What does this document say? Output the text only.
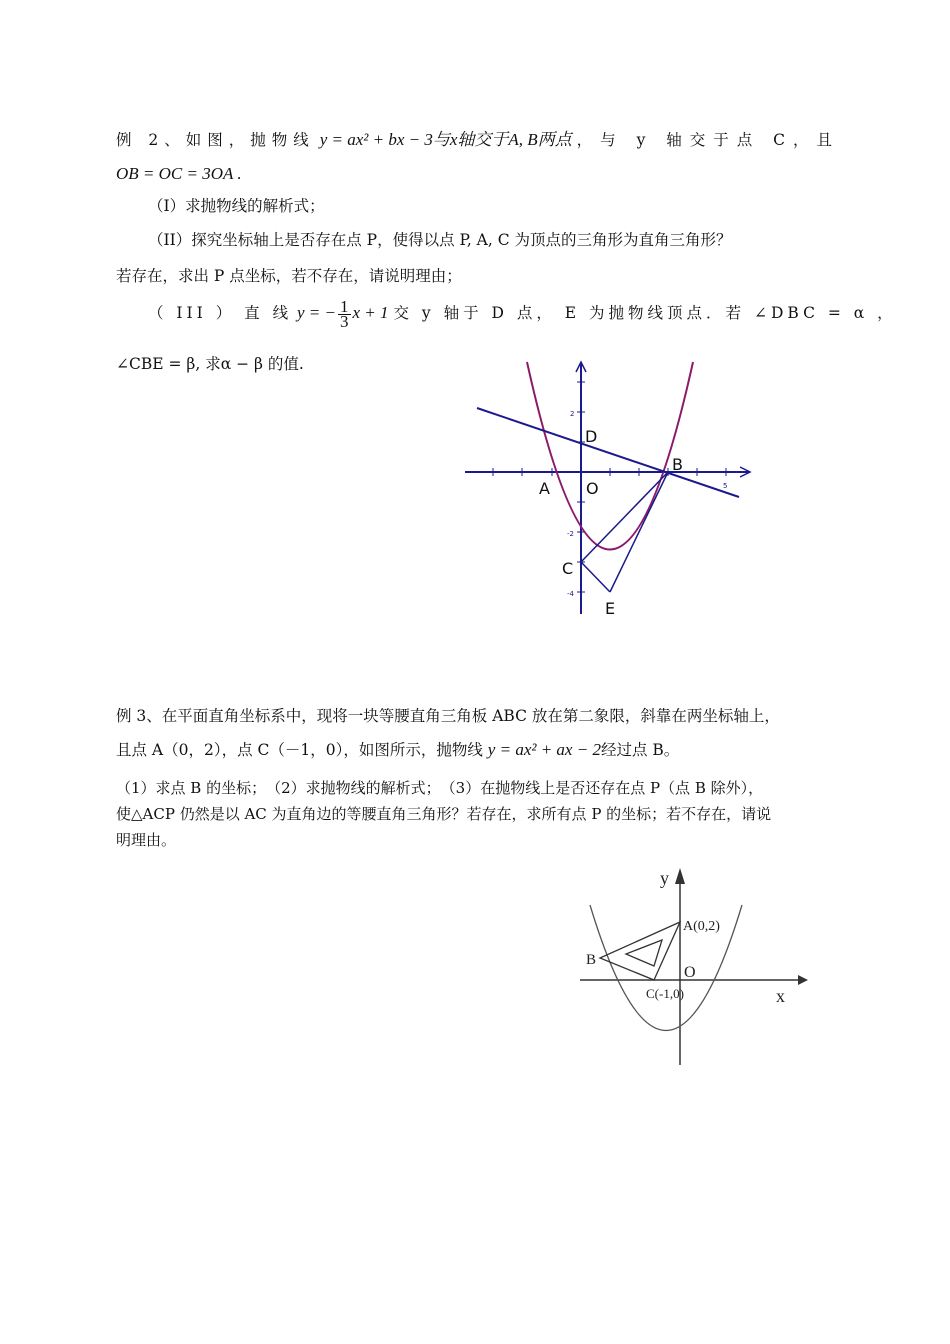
例 2、如图，抛物线 y = ax² + bx − 3与x轴交于A, B两点 ，与 y 轴交于点 C，且
OB = OC = 3OA .
（I）求抛物线的解析式；
（II）探究坐标轴上是否存在点 P，使得以点 P, A, C 为顶点的三角形为直角三角形？
若存在，求出 P 点坐标，若不存在，请说明理由；
（ III ） 直 线 y = − $\frac{1}{3}$ x + 1 交 y 轴于 D 点， E 为抛物线顶点．若 ∠DBC = α ，
∠CBE = β, 求α − β 的值.
2
5
-2
-4
D
B
A O
C
E
例 3、在平面直角坐标系中，现将一块等腰直角三角板 ABC 放在第二象限，斜靠在两坐标轴上，
且点 A（0，2），点 C（－1，0），如图所示，抛物线 y = ax² + ax − 2经过点 B。
（1）求点 B 的坐标；　（2）求抛物线的解析式；　（3）在抛物线上是否还存在点 P（点 B 除外），
使△ACP 仍然是以 AC 为直角边的等腰直角三角形？若存在，求所有点 P 的坐标；若不存在，请说
明理由。
y
x
A(0,2)
B
O
C(-1,0)
